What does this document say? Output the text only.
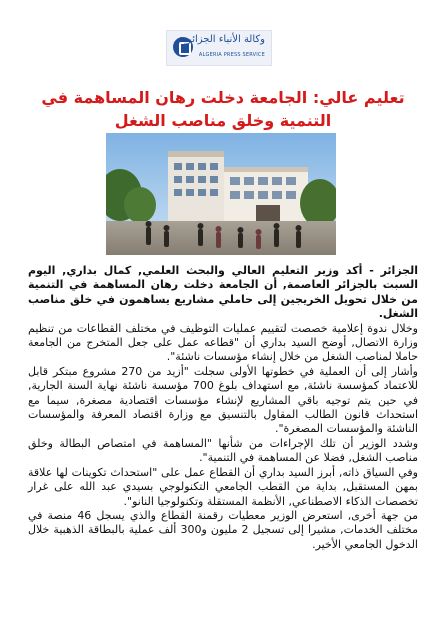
وكالة الأنباء الجزائرية
ALGERIA PRESS SERVICE
تعليم عالي: الجامعة دخلت رهان المساهمة في التنمية وخلق مناصب الشغل

الجزائر - أكد وزير التعليم العالي والبحث العلمي, كمال بداري, اليوم السبت بالجزائر العاصمة, أن الجامعة دخلت رهان المساهمة في التنمية من خلال تحويل الخريجين إلى حاملي مشاريع يساهمون في خلق مناصب الشغل.

وخلال ندوة إعلامية خصصت لتقييم عمليات التوظيف في مختلف القطاعات من تنظيم وزارة الاتصال, أوضح السيد بداري أن "قطاعه عمل على جعل المتخرج من الجامعة حاملا لمناصب الشغل من خلال إنشاء مؤسسات ناشئة".

وأشار إلى أن العملية في خطوتها الأولى سجلت "أزيد من 270 مشروع مبتكر قابل للاعتماد كمؤسسة ناشئة, مع استهداف بلوغ 700 مؤسسة ناشئة نهاية السنة الجارية, في حين يتم توجيه باقي المشاريع لإنشاء مؤسسات اقتصادية مصغرة, سيما مع استحداث قانون الطالب المقاول بالتنسيق مع وزارة اقتصاد المعرفة والمؤسسات الناشئة والمؤسسات المصغرة".

وشدد الوزير أن تلك الإجراءات من شأنها "المساهمة في امتصاص البطالة وخلق مناصب الشغل, فضلا عن المساهمة في التنمية".

وفي السياق ذاته, أبرز السيد بداري أن القطاع عمل على "استحداث تكوينات لها علاقة بمهن المستقبل, بداية من القطب الجامعي التكنولوجي بسيدي عبد الله على غرار تخصصات الذكاء الاصطناعي, الأنظمة المستقلة وتكنولوجيا النانو".

من جهة أخرى, استعرض الوزير معطيات رقمنة القطاع والذي يسجل 46 منصة في مختلف الخدمات, مشيرا إلى تسجيل 2 مليون و300 ألف عملية بالبطاقة الذهبية خلال الدخول الجامعي الأخير.
